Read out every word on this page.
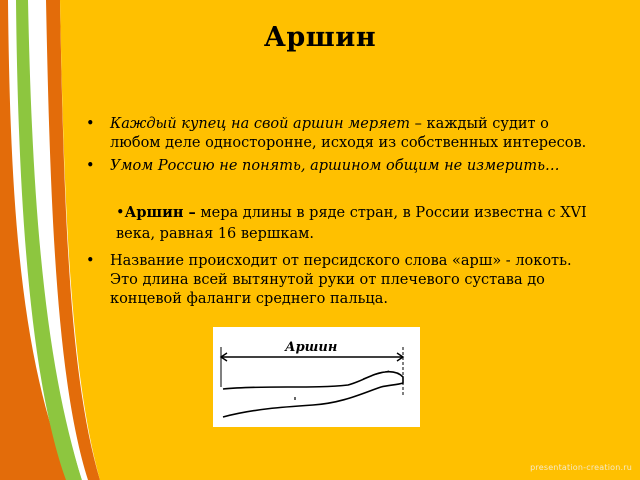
Аршин
• Каждый купец на свой аршин меряет – каждый судит о любом деле односторонне, исходя из собственных интересов.
• Умом Россию не понять, аршином общим не измерить…
•Аршин – мера длины в ряде стран, в России известна с XVI века, равная 16 вершкам.
• Название происходит от персидского слова «арш» - локоть. Это длина всей вытянутой руки от плечевого сустава до концевой фаланги среднего пальца.
Аршин
presentation-creation.ru
